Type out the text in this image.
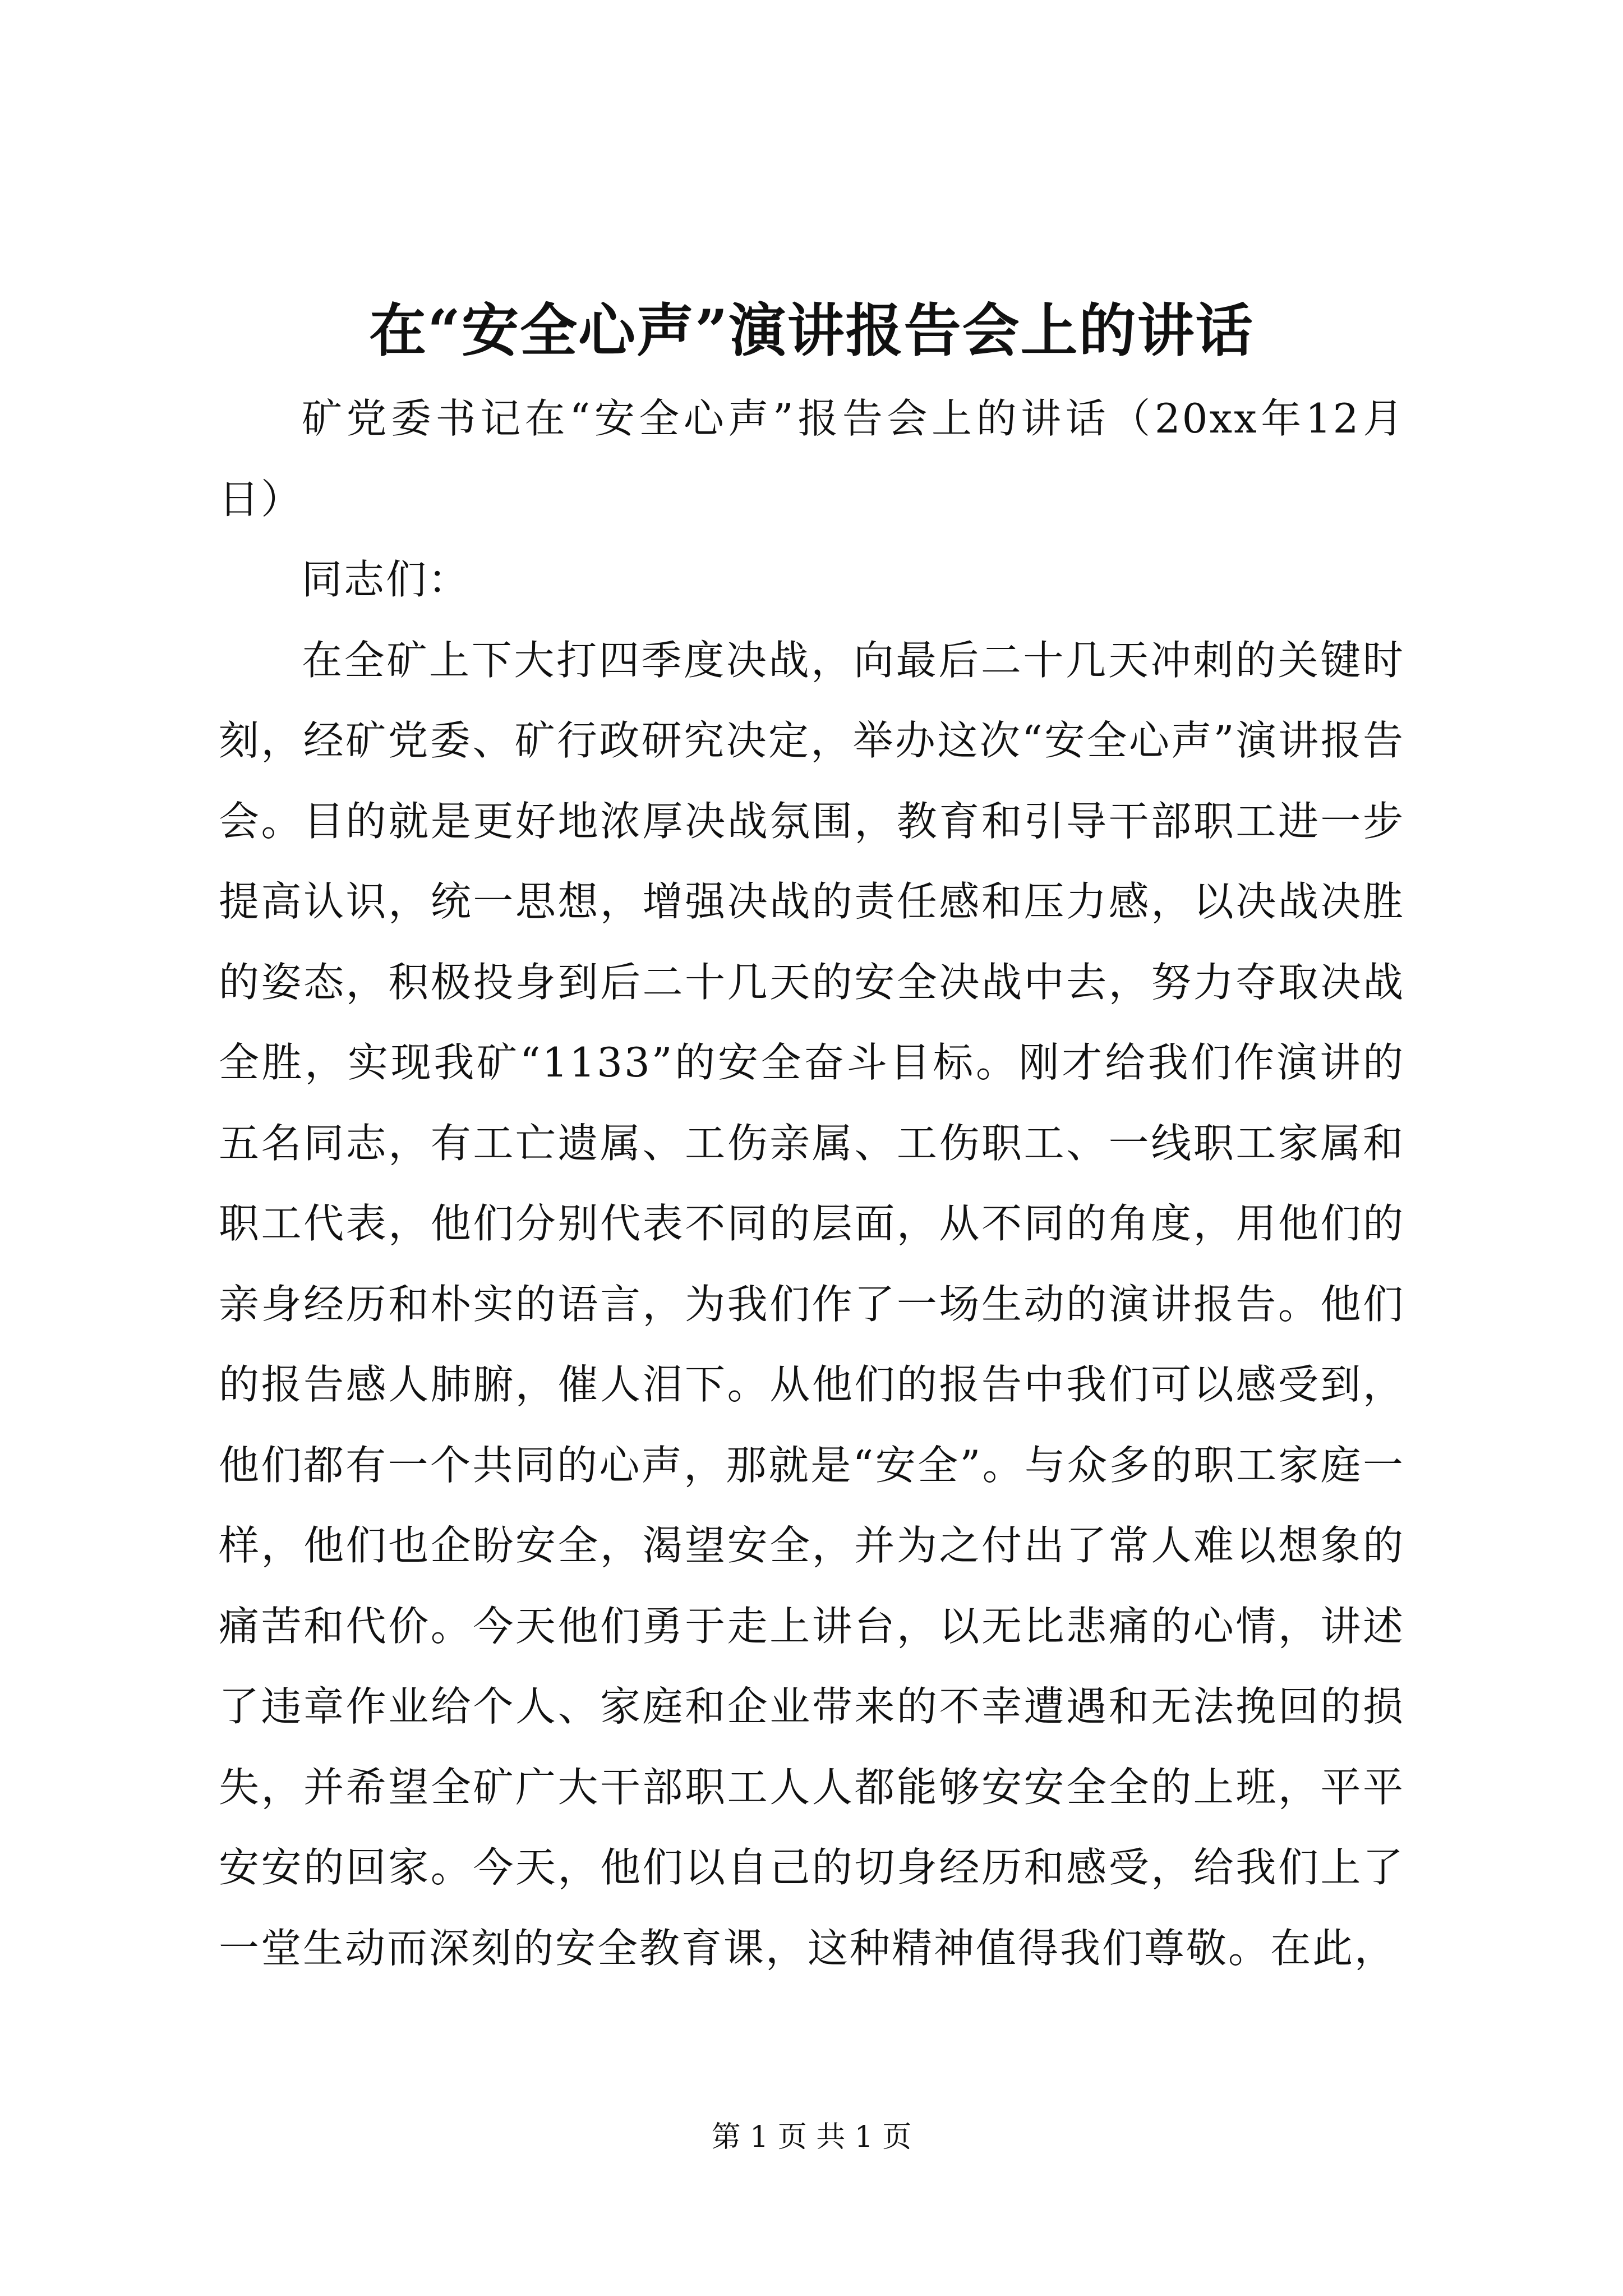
在“安全心声”演讲报告会上的讲话

矿党委书记在“安全心声”报告会上的讲话（20xx年12月日）

同志们：

在全矿上下大打四季度决战，向最后二十几天冲刺的关键时刻，经矿党委、矿行政研究决定，举办这次“安全心声”演讲报告会。目的就是更好地浓厚决战氛围，教育和引导干部职工进一步提高认识，统一思想，增强决战的责任感和压力感，以决战决胜的姿态，积极投身到后二十几天的安全决战中去，努力夺取决战全胜，实现我矿“1133”的安全奋斗目标。刚才给我们作演讲的五名同志，有工亡遗属、工伤亲属、工伤职工、一线职工家属和职工代表，他们分别代表不同的层面，从不同的角度，用他们的亲身经历和朴实的语言，为我们作了一场生动的演讲报告。他们的报告感人肺腑，催人泪下。从他们的报告中我们可以感受到，他们都有一个共同的心声，那就是“安全”。与众多的职工家庭一样，他们也企盼安全，渴望安全，并为之付出了常人难以想象的痛苦和代价。今天他们勇于走上讲台，以无比悲痛的心情，讲述了违章作业给个人、家庭和企业带来的不幸遭遇和无法挽回的损失，并希望全矿广大干部职工人人都能够安安全全的上班，平平安安的回家。今天，他们以自己的切身经历和感受，给我们上了一堂生动而深刻的安全教育课，这种精神值得我们尊敬。在此，

第 1 页 共 1 页
